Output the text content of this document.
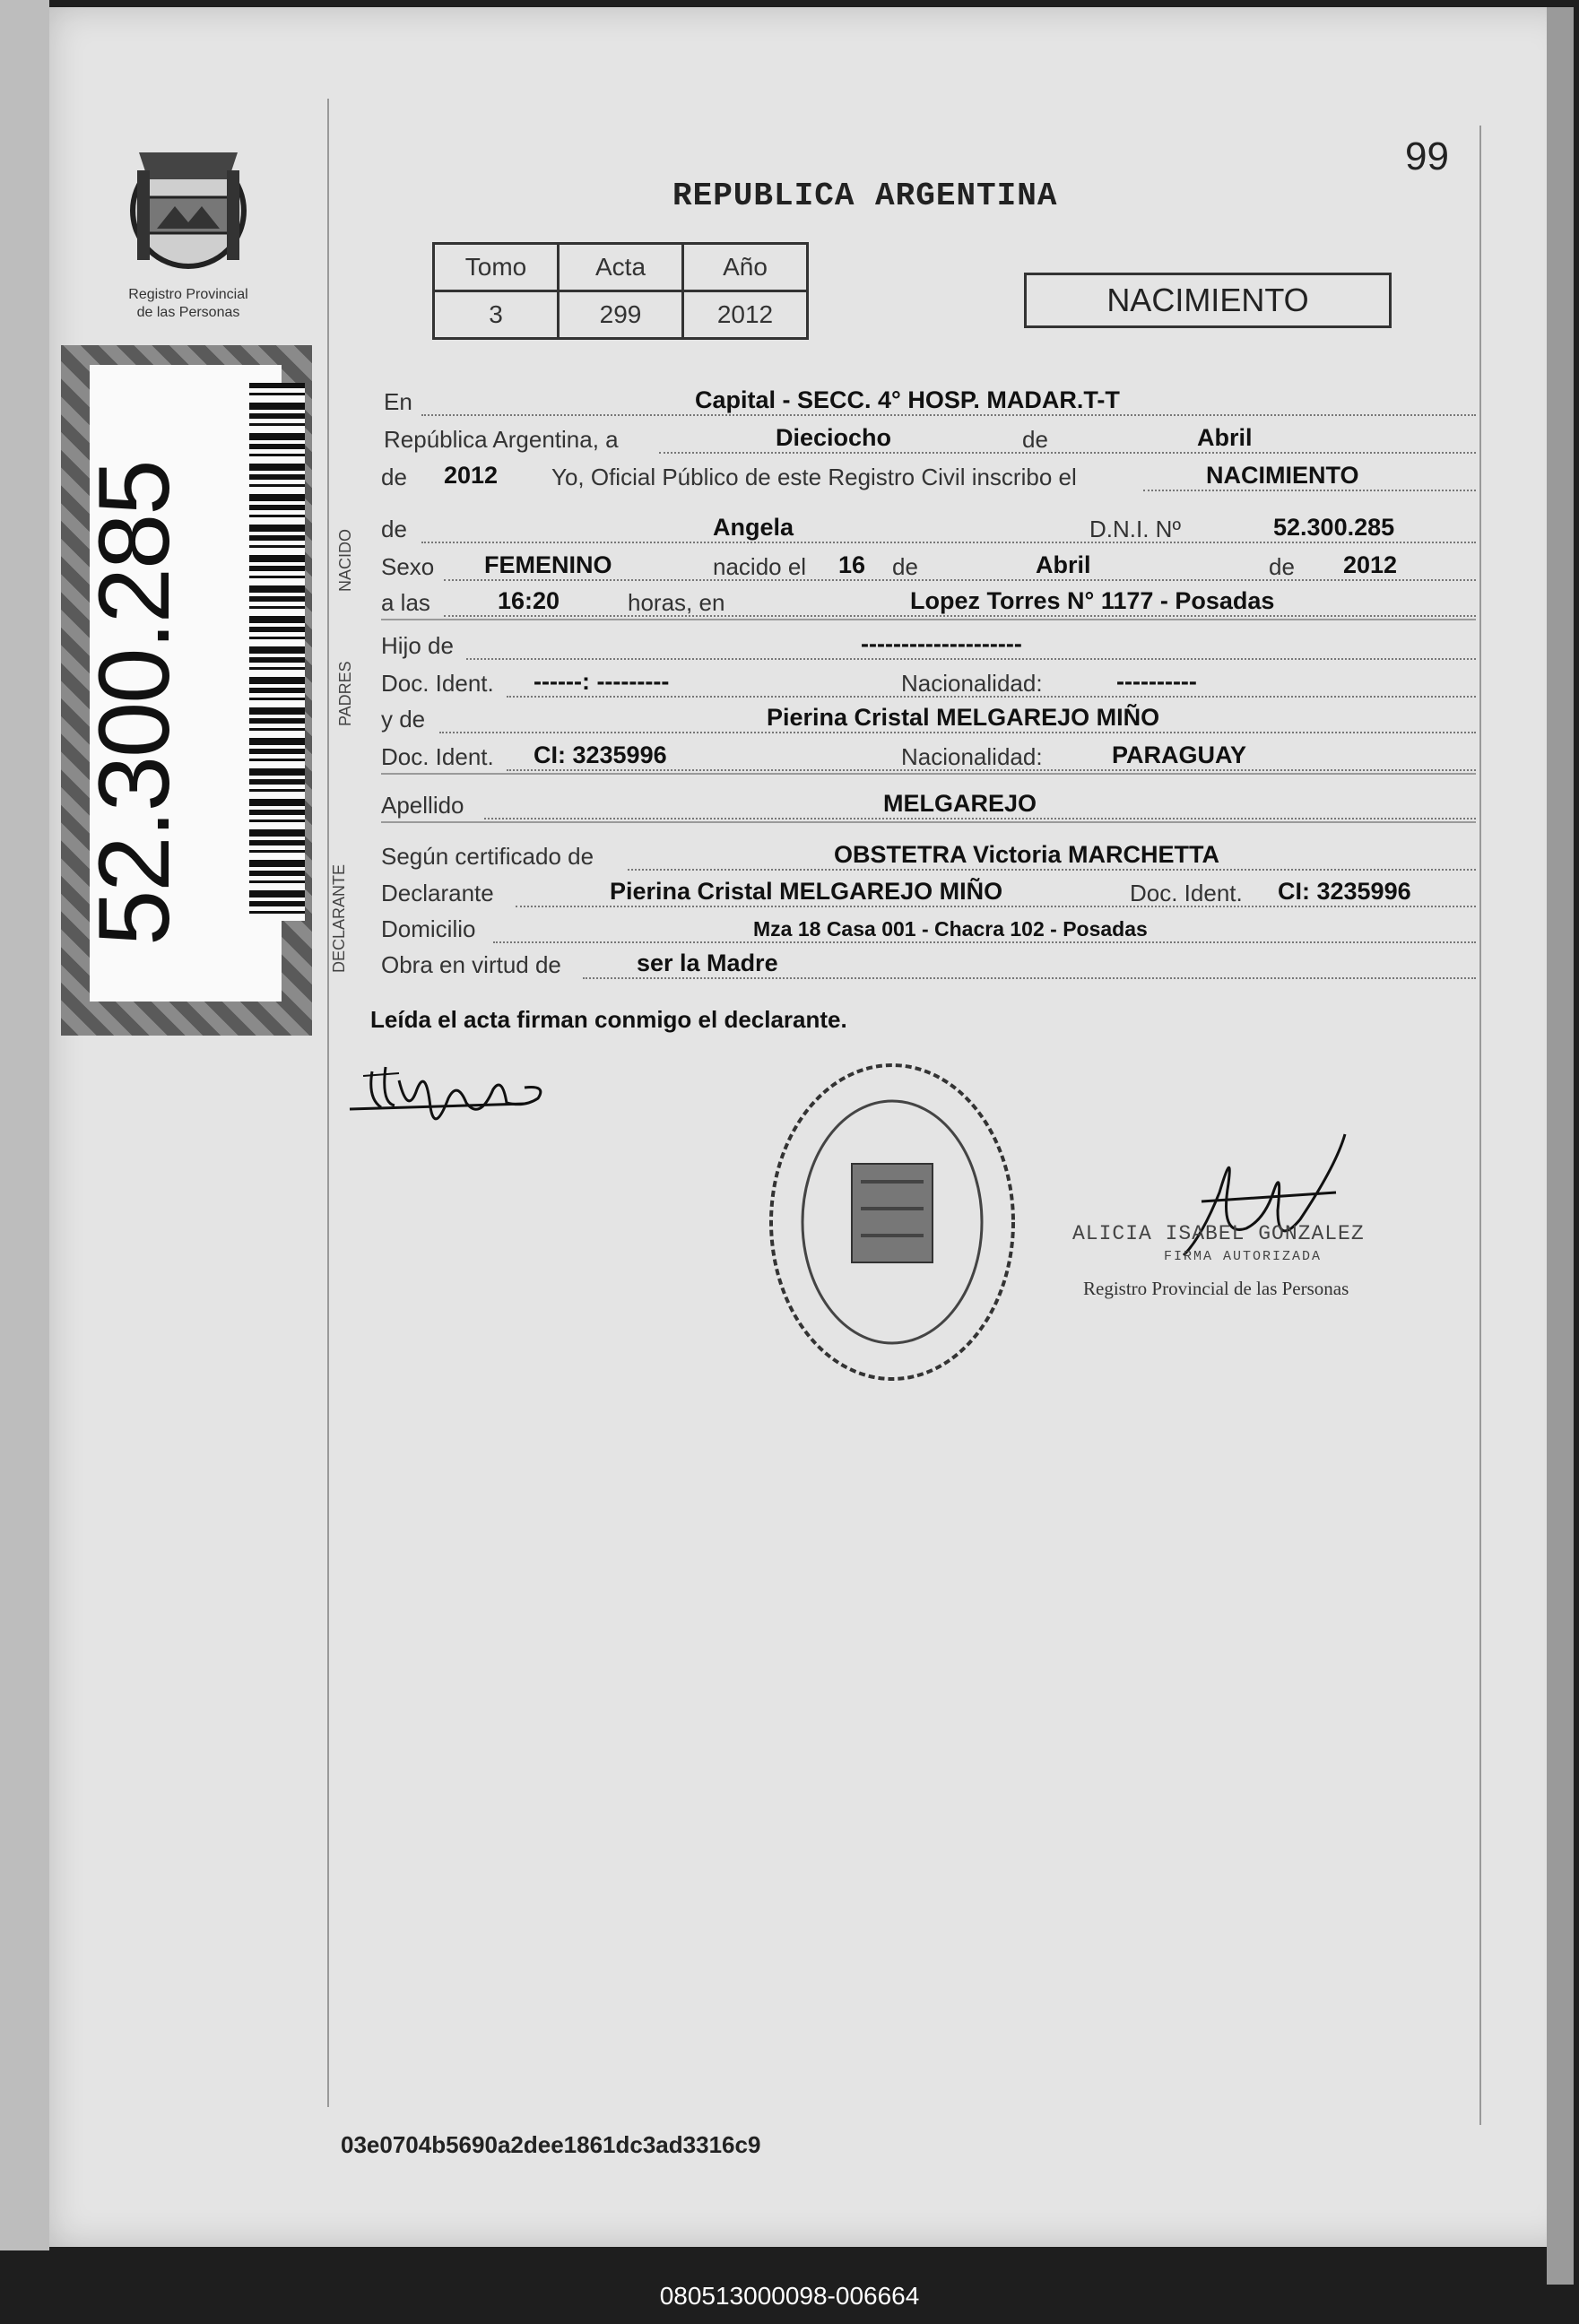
Registro Provincial
de las Personas
52.300.285
99
REPUBLICA ARGENTINA
Tomo	Acta	Año
3	299	2012	NACIMIENTO
NACIDO
PADRES
DECLARANTE
En	Capital - SECC. 4° HOSP. MADAR.T-T
República Argentina, a	Dieciocho	de	Abril
de 2012 Yo, Oficial Público de este Registro Civil inscribo el	NACIMIENTO
de	Angela	D.N.I. Nº	52.300.285
Sexo FEMENINO	nacido el 16 de	Abril	de 2012
a las	16:20	horas, en	Lopez Torres N° 1177 - Posadas
Hijo de	--------------------
Doc. Ident. ------: ---------	Nacionalidad:	----------
y de	Pierina Cristal MELGAREJO MIÑO
Doc. Ident. CI: 3235996	Nacionalidad:	PARAGUAY
Apellido	MELGAREJO
Según certificado de	OBSTETRA Victoria MARCHETTA
Declarante	Pierina Cristal MELGAREJO MIÑO	Doc. Ident. CI: 3235996
Domicilio	Mza 18 Casa 001 - Chacra 102 - Posadas
Obra en virtud de	ser la Madre
Leída el acta firman conmigo el declarante.
ALICIA ISABEL GONZALEZ
FIRMA AUTORIZADA
Registro Provincial de las Personas
03e0704b5690a2dee1861dc3ad3316c9
080513000098-006664
